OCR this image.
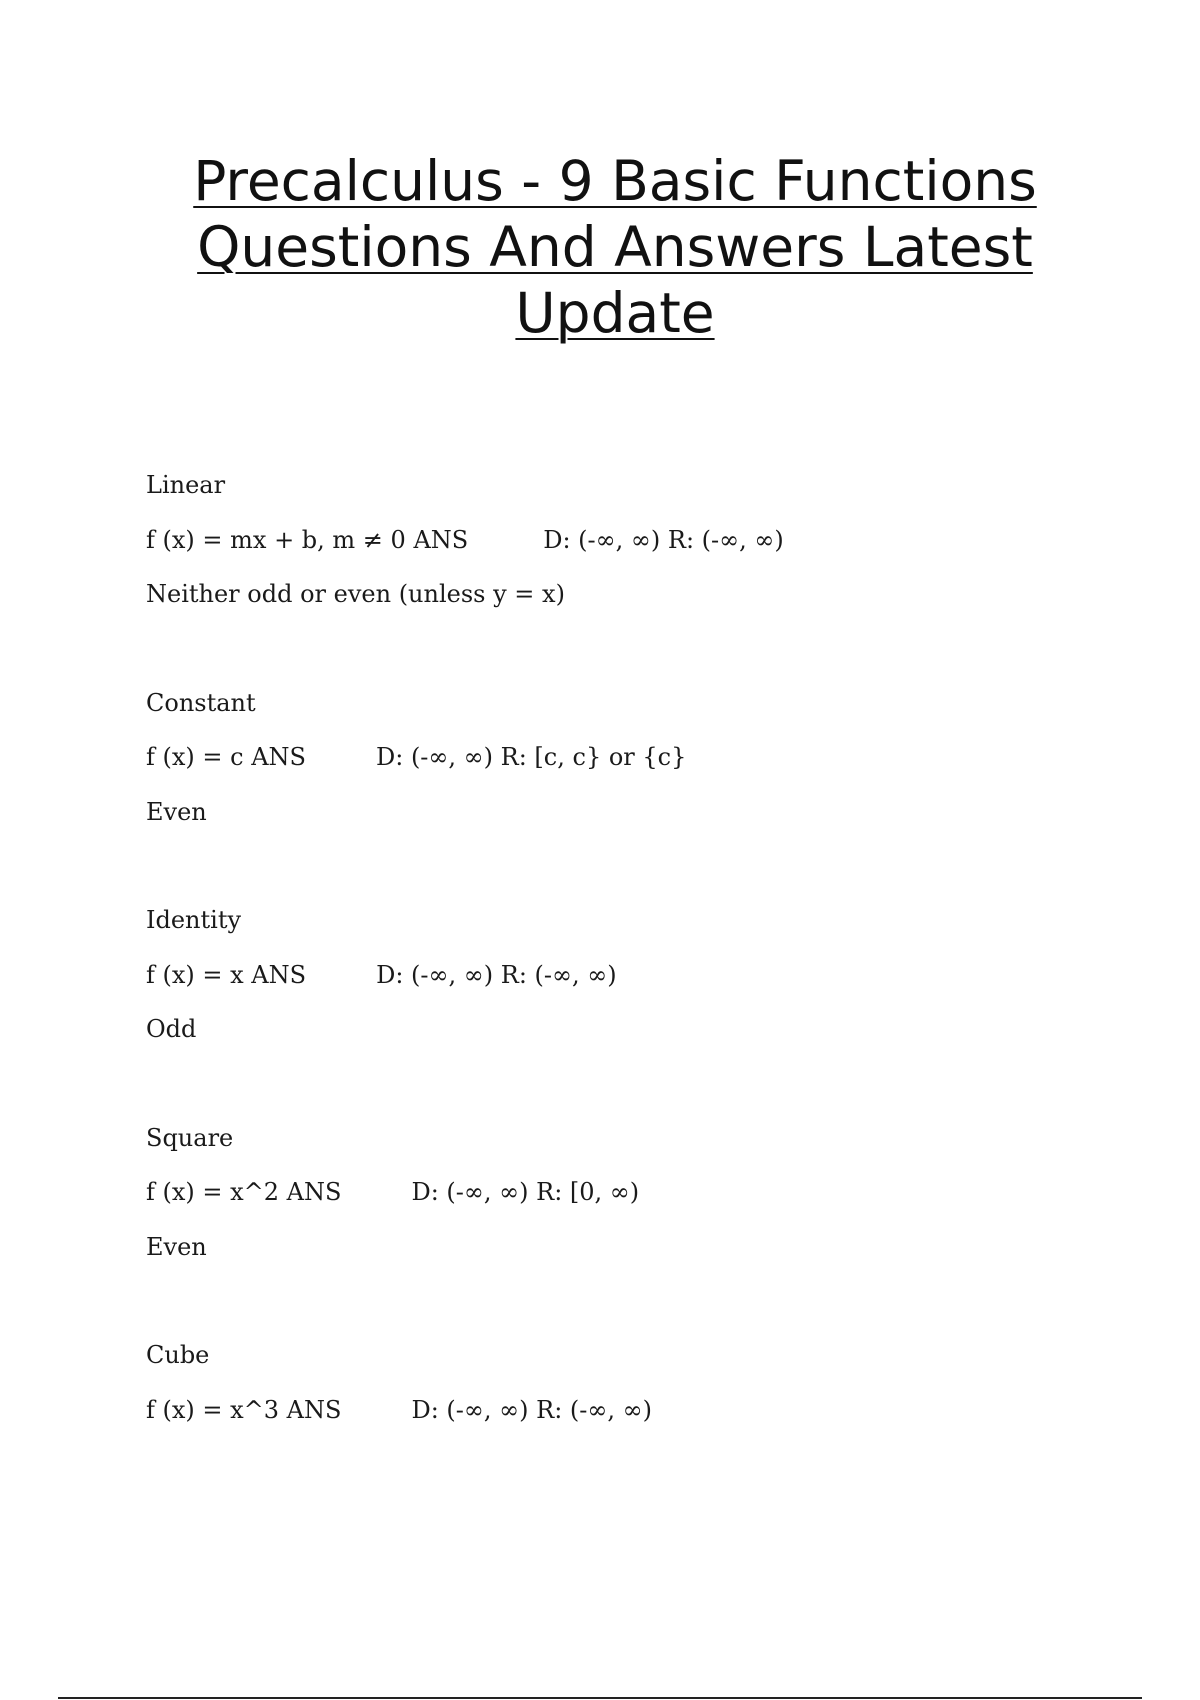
Precalculus - 9 Basic Functions Questions And Answers Latest Update
Linear
f (x) = mx + b, m ≠ 0 ANS	D: (-∞, ∞) R: (-∞, ∞)
Neither odd or even (unless y = x)
Constant
f (x) = c ANS	D: (-∞, ∞) R: [c, c} or {c}
Even
Identity
f (x) = x ANS	D: (-∞, ∞) R: (-∞, ∞)
Odd
Square
f (x) = x^2 ANS	D: (-∞, ∞) R: [0, ∞)
Even
Cube
f (x) = x^3 ANS	D: (-∞, ∞) R: (-∞, ∞)
